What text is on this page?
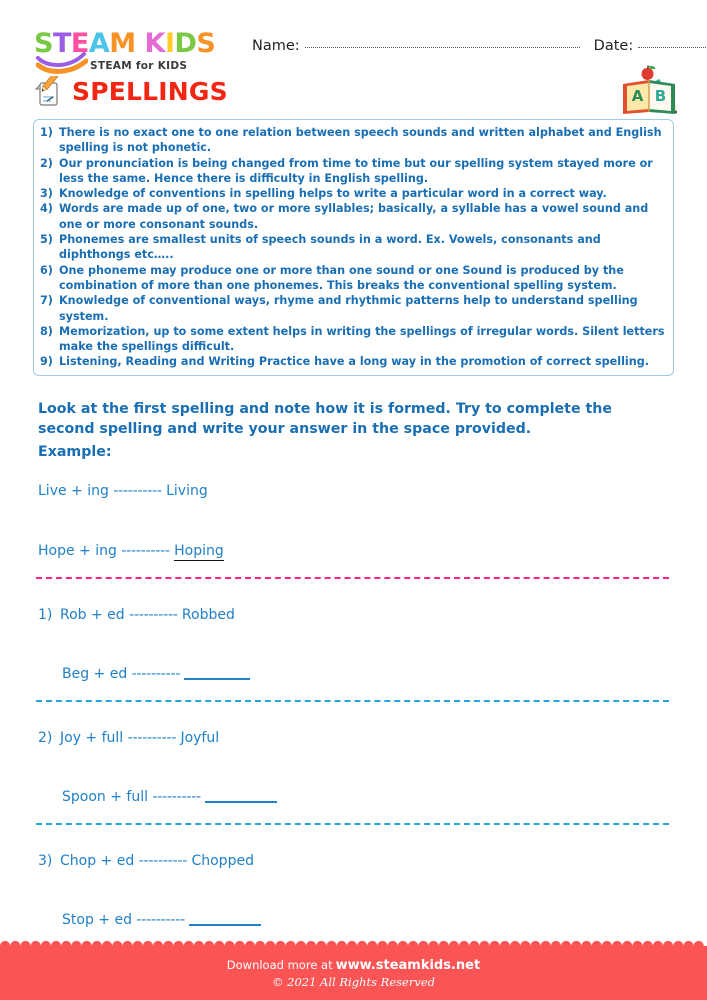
STEAM KIDS
STEAM for KIDS
Name:	Date:
SPELLINGS	A B
1) There is no exact one to one relation between speech sounds and written alphabet and English spelling is not phonetic.
2) Our pronunciation is being changed from time to time but our spelling system stayed more or less the same. Hence there is difficulty in English spelling.
3) Knowledge of conventions in spelling helps to write a particular word in a correct way.
4) Words are made up of one, two or more syllables; basically, a syllable has a vowel sound and one or more consonant sounds.
5) Phonemes are smallest units of speech sounds in a word. Ex. Vowels, consonants and diphthongs etc…..
6) One phoneme may produce one or more than one sound or one Sound is produced by the combination of more than one phonemes. This breaks the conventional spelling system.
7) Knowledge of conventional ways, rhyme and rhythmic patterns help to understand spelling system.
8) Memorization, up to some extent helps in writing the spellings of irregular words. Silent letters make the spellings difficult.
9) Listening, Reading and Writing Practice have a long way in the promotion of correct spelling.
Look at the first spelling and note how it is formed. Try to complete the second spelling and write your answer in the space provided.
Example:
Live + ing ---------- Living
Hope + ing ---------- Hoping
1) Rob + ed ---------- Robbed
Beg + ed ----------
2) Joy + full ---------- Joyful
Spoon + full ----------
3) Chop + ed ---------- Chopped
Stop + ed ----------
Download more at www.steamkids.net
© 2021 All Rights Reserved
